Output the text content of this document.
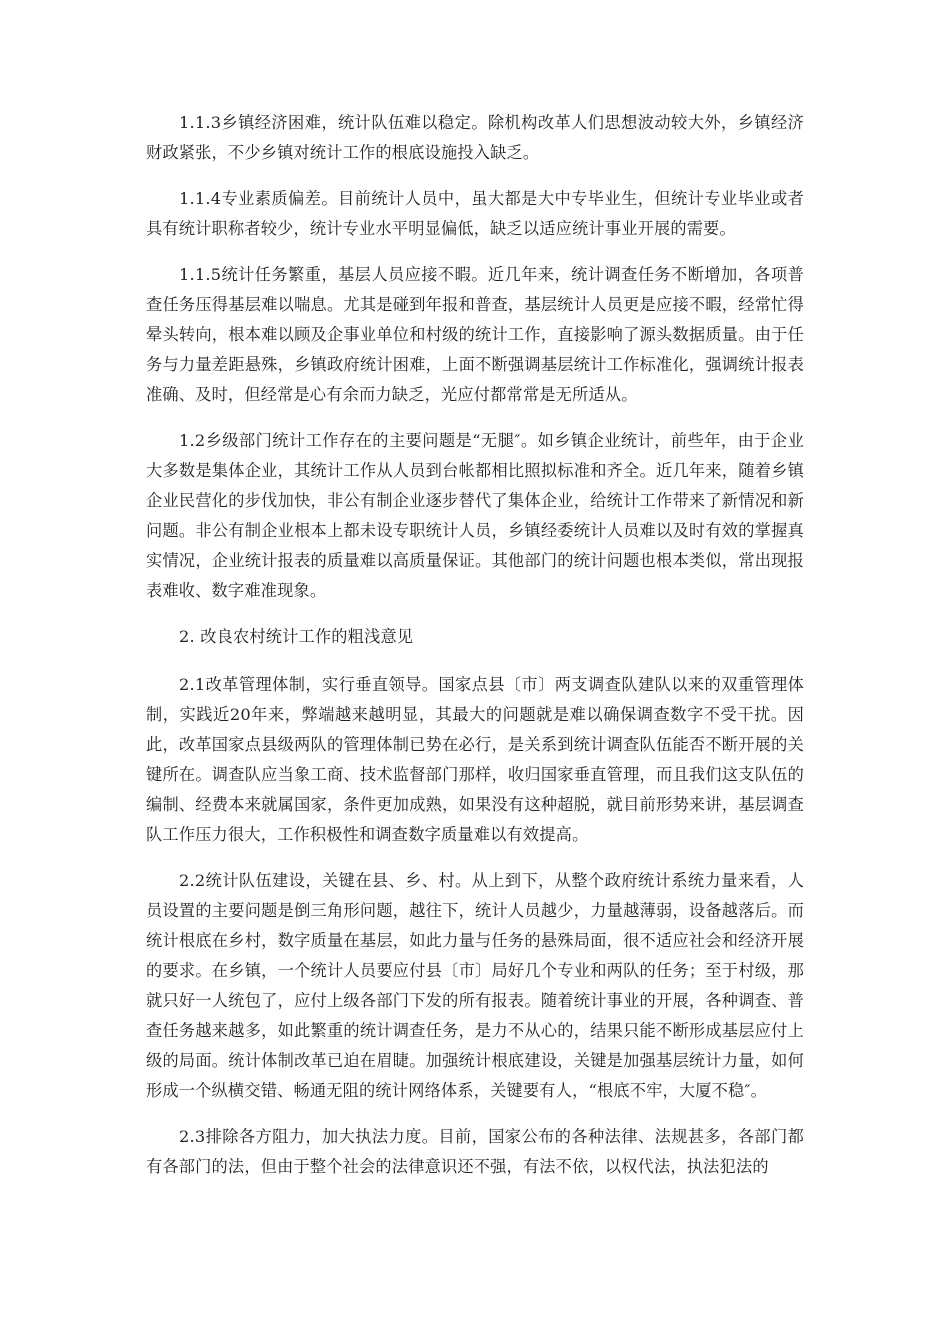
1.1.3乡镇经济困难，统计队伍难以稳定。除机构改革人们思想波动较大外，乡镇经济财政紧张，不少乡镇对统计工作的根底设施投入缺乏。

1.1.4专业素质偏差。目前统计人员中，虽大都是大中专毕业生，但统计专业毕业或者具有统计职称者较少，统计专业水平明显偏低，缺乏以适应统计事业开展的需要。

1.1.5统计任务繁重，基层人员应接不暇。近几年来，统计调查任务不断增加，各项普查任务压得基层难以喘息。尤其是碰到年报和普查，基层统计人员更是应接不暇，经常忙得晕头转向，根本难以顾及企事业单位和村级的统计工作，直接影响了源头数据质量。由于任务与力量差距悬殊，乡镇政府统计困难，上面不断强调基层统计工作标准化，强调统计报表准确、及时，但经常是心有余而力缺乏，光应付都常常是无所适从。

1.2乡级部门统计工作存在的主要问题是“无腿″。如乡镇企业统计，前些年，由于企业大多数是集体企业，其统计工作从人员到台帐都相比照拟标准和齐全。近几年来，随着乡镇企业民营化的步伐加快，非公有制企业逐步替代了集体企业，给统计工作带来了新情况和新问题。非公有制企业根本上都未设专职统计人员，乡镇经委统计人员难以及时有效的掌握真实情况，企业统计报表的质量难以高质量保证。其他部门的统计问题也根本类似，常出现报表难收、数字难准现象。

2. 改良农村统计工作的粗浅意见

2.1改革管理体制，实行垂直领导。国家点县〔市〕两支调查队建队以来的双重管理体制，实践近20年来，弊端越来越明显，其最大的问题就是难以确保调查数字不受干扰。因此，改革国家点县级两队的管理体制已势在必行，是关系到统计调查队伍能否不断开展的关键所在。调查队应当象工商、技术监督部门那样，收归国家垂直管理，而且我们这支队伍的编制、经费本来就属国家，条件更加成熟，如果没有这种超脱，就目前形势来讲，基层调查队工作压力很大，工作积极性和调查数字质量难以有效提高。

2.2统计队伍建设，关键在县、乡、村。从上到下，从整个政府统计系统力量来看，人员设置的主要问题是倒三角形问题，越往下，统计人员越少，力量越薄弱，设备越落后。而统计根底在乡村，数字质量在基层，如此力量与任务的悬殊局面，很不适应社会和经济开展的要求。在乡镇，一个统计人员要应付县〔市〕局好几个专业和两队的任务；至于村级，那就只好一人统包了，应付上级各部门下发的所有报表。随着统计事业的开展，各种调查、普查任务越来越多，如此繁重的统计调查任务，是力不从心的，结果只能不断形成基层应付上级的局面。统计体制改革已迫在眉睫。加强统计根底建设，关键是加强基层统计力量，如何形成一个纵横交错、畅通无阻的统计网络体系，关键要有人，“根底不牢，大厦不稳″。

2.3排除各方阻力，加大执法力度。目前，国家公布的各种法律、法规甚多，各部门都有各部门的法，但由于整个社会的法律意识还不强，有法不依，以权代法，执法犯法的
